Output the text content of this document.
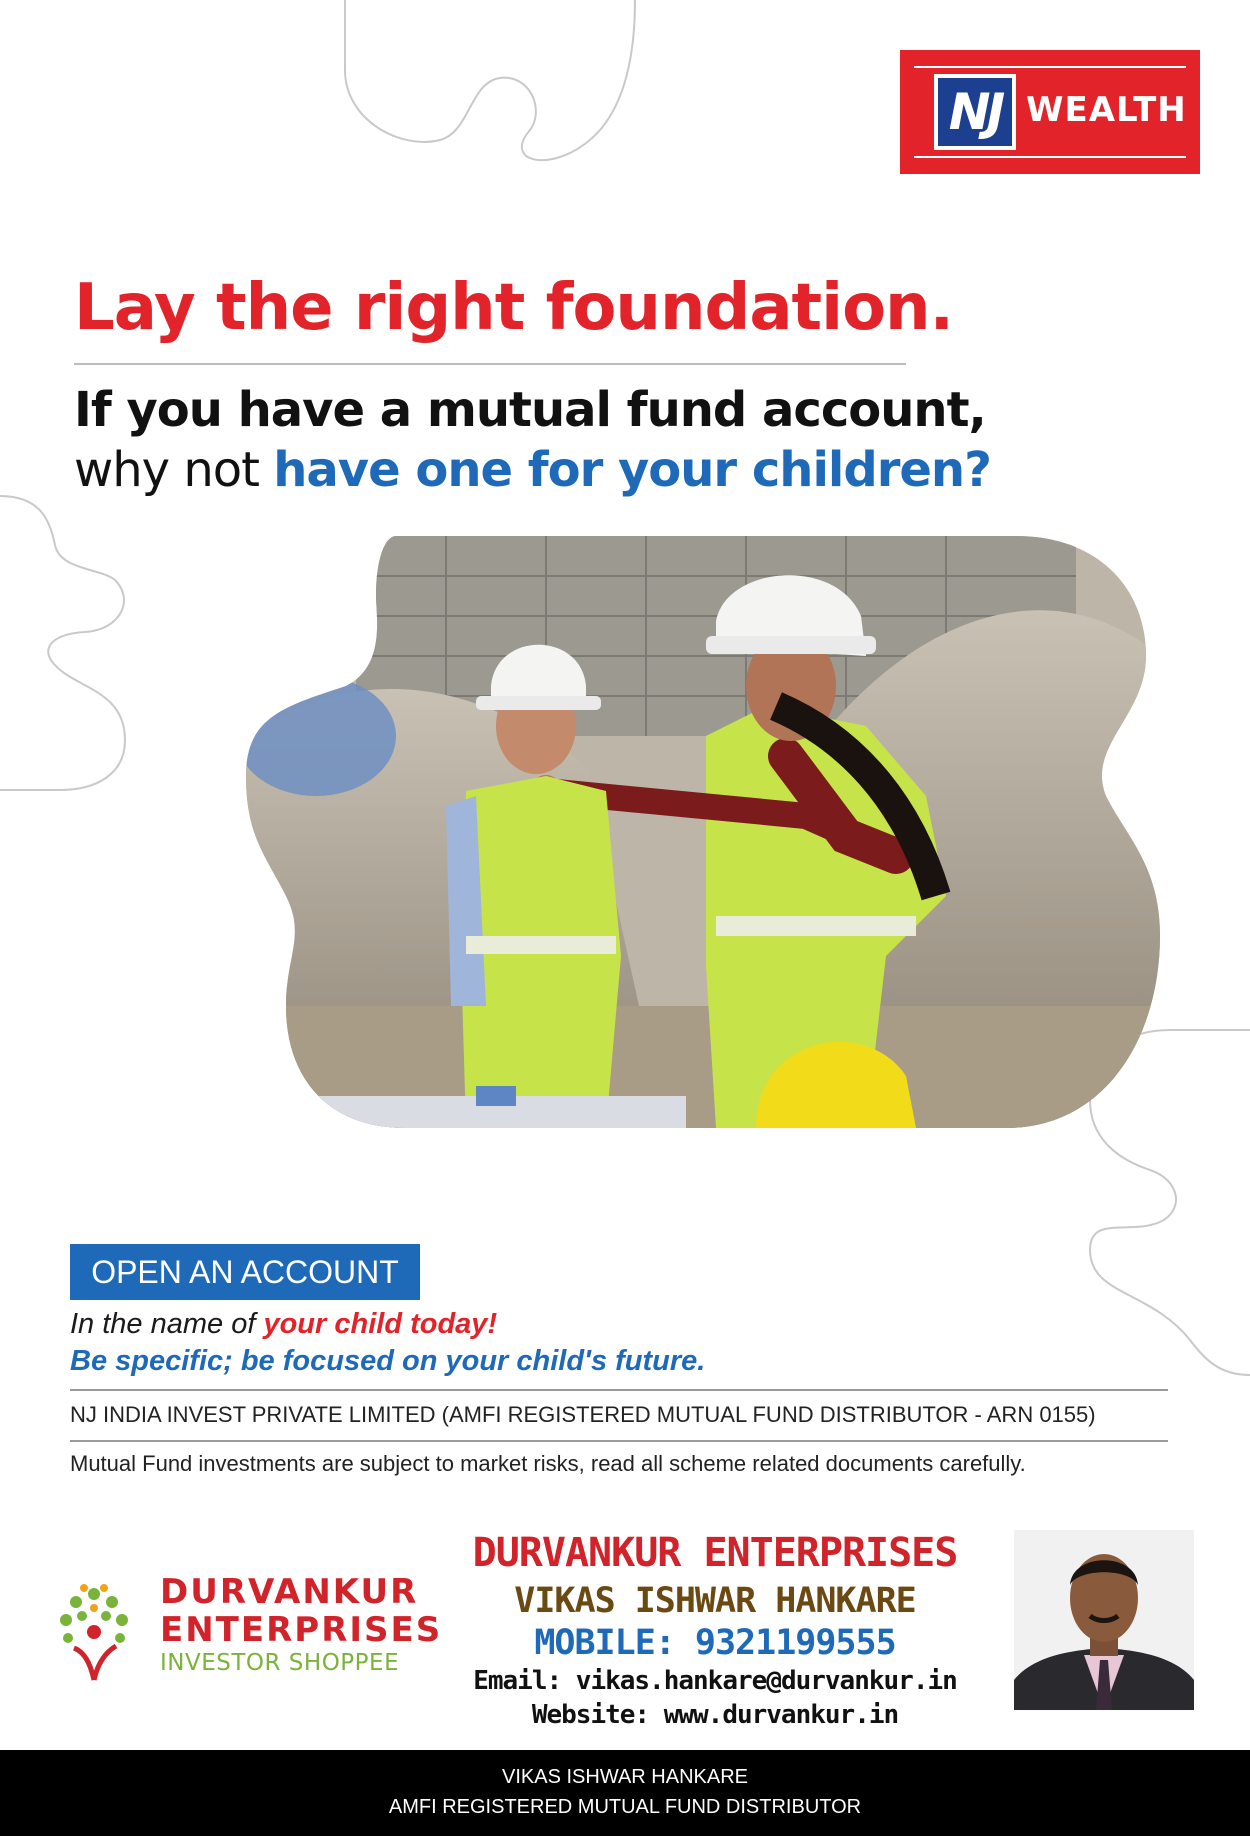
NJ WEALTH
Lay the right foundation.

If you have a mutual fund account,

why not have one for your children?

OPEN AN ACCOUNT
In the name of your child today!
Be specific; be focused on your child's future.
NJ INDIA INVEST PRIVATE LIMITED (AMFI REGISTERED MUTUAL FUND DISTRIBUTOR - ARN 0155)
Mutual Fund investments are subject to market risks, read all scheme related documents carefully.
DURVANKUR
ENTERPRISES
INVESTOR SHOPPEE
DURVANKUR ENTERPRISES
VIKAS ISHWAR HANKARE
MOBILE: 9321199555
Email: vikas.hankare@durvankur.in
Website: www.durvankur.in
VIKAS ISHWAR HANKARE
AMFI REGISTERED MUTUAL FUND DISTRIBUTOR
